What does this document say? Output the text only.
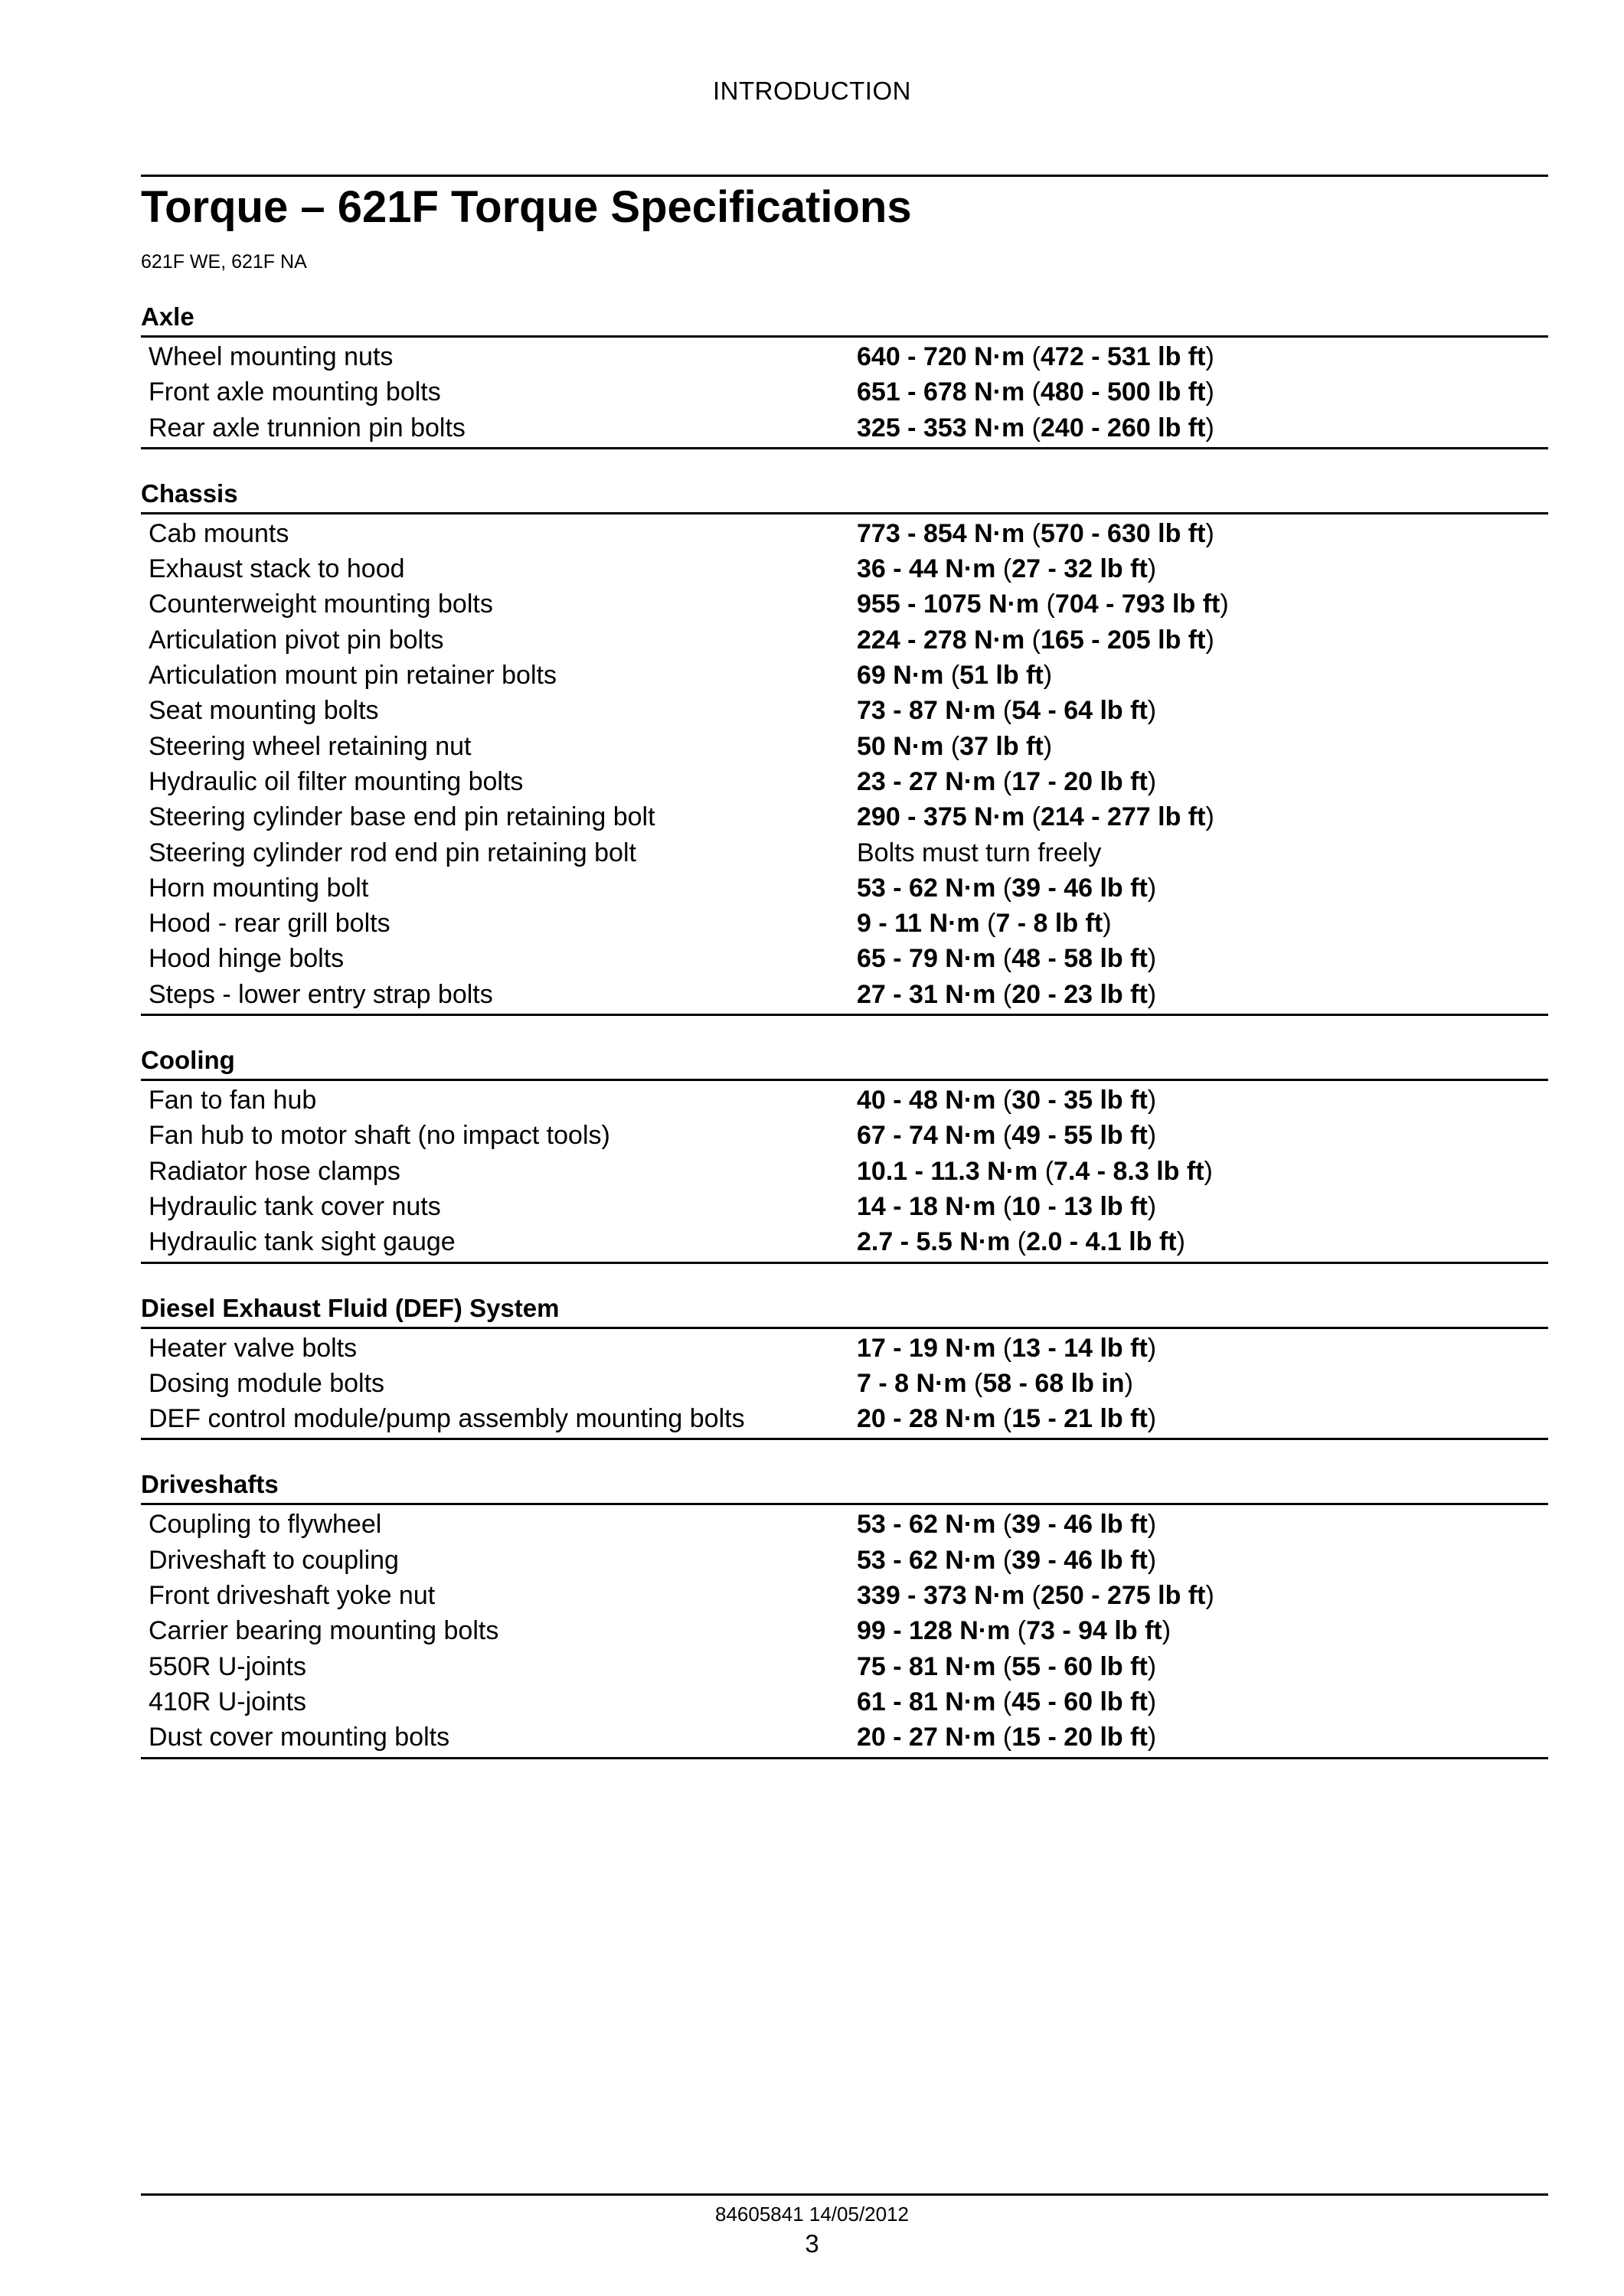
INTRODUCTION
Torque – 621F Torque Specifications
621F WE, 621F NA
Axle
Wheel mounting nuts	640 - 720 N·m (472 - 531 lb ft)
Front axle mounting bolts	651 - 678 N·m (480 - 500 lb ft)
Rear axle trunnion pin bolts	325 - 353 N·m (240 - 260 lb ft)
Chassis
Cab mounts	773 - 854 N·m (570 - 630 lb ft)
Exhaust stack to hood	36 - 44 N·m (27 - 32 lb ft)
Counterweight mounting bolts	955 - 1075 N·m (704 - 793 lb ft)
Articulation pivot pin bolts	224 - 278 N·m (165 - 205 lb ft)
Articulation mount pin retainer bolts	69 N·m (51 lb ft)
Seat mounting bolts	73 - 87 N·m (54 - 64 lb ft)
Steering wheel retaining nut	50 N·m (37 lb ft)
Hydraulic oil filter mounting bolts	23 - 27 N·m (17 - 20 lb ft)
Steering cylinder base end pin retaining bolt	290 - 375 N·m (214 - 277 lb ft)
Steering cylinder rod end pin retaining bolt	Bolts must turn freely
Horn mounting bolt	53 - 62 N·m (39 - 46 lb ft)
Hood - rear grill bolts	9 - 11 N·m (7 - 8 lb ft)
Hood hinge bolts	65 - 79 N·m (48 - 58 lb ft)
Steps - lower entry strap bolts	27 - 31 N·m (20 - 23 lb ft)
Cooling
Fan to fan hub	40 - 48 N·m (30 - 35 lb ft)
Fan hub to motor shaft (no impact tools)	67 - 74 N·m (49 - 55 lb ft)
Radiator hose clamps	10.1 - 11.3 N·m (7.4 - 8.3 lb ft)
Hydraulic tank cover nuts	14 - 18 N·m (10 - 13 lb ft)
Hydraulic tank sight gauge	2.7 - 5.5 N·m (2.0 - 4.1 lb ft)
Diesel Exhaust Fluid (DEF) System
Heater valve bolts	17 - 19 N·m (13 - 14 lb ft)
Dosing module bolts	7 - 8 N·m (58 - 68 lb in)
DEF control module/pump assembly mounting bolts	20 - 28 N·m (15 - 21 lb ft)
Driveshafts
Coupling to flywheel	53 - 62 N·m (39 - 46 lb ft)
Driveshaft to coupling	53 - 62 N·m (39 - 46 lb ft)
Front driveshaft yoke nut	339 - 373 N·m (250 - 275 lb ft)
Carrier bearing mounting bolts	99 - 128 N·m (73 - 94 lb ft)
550R U-joints	75 - 81 N·m (55 - 60 lb ft)
410R U-joints	61 - 81 N·m (45 - 60 lb ft)
Dust cover mounting bolts	20 - 27 N·m (15 - 20 lb ft)
84605841 14/05/2012
3
